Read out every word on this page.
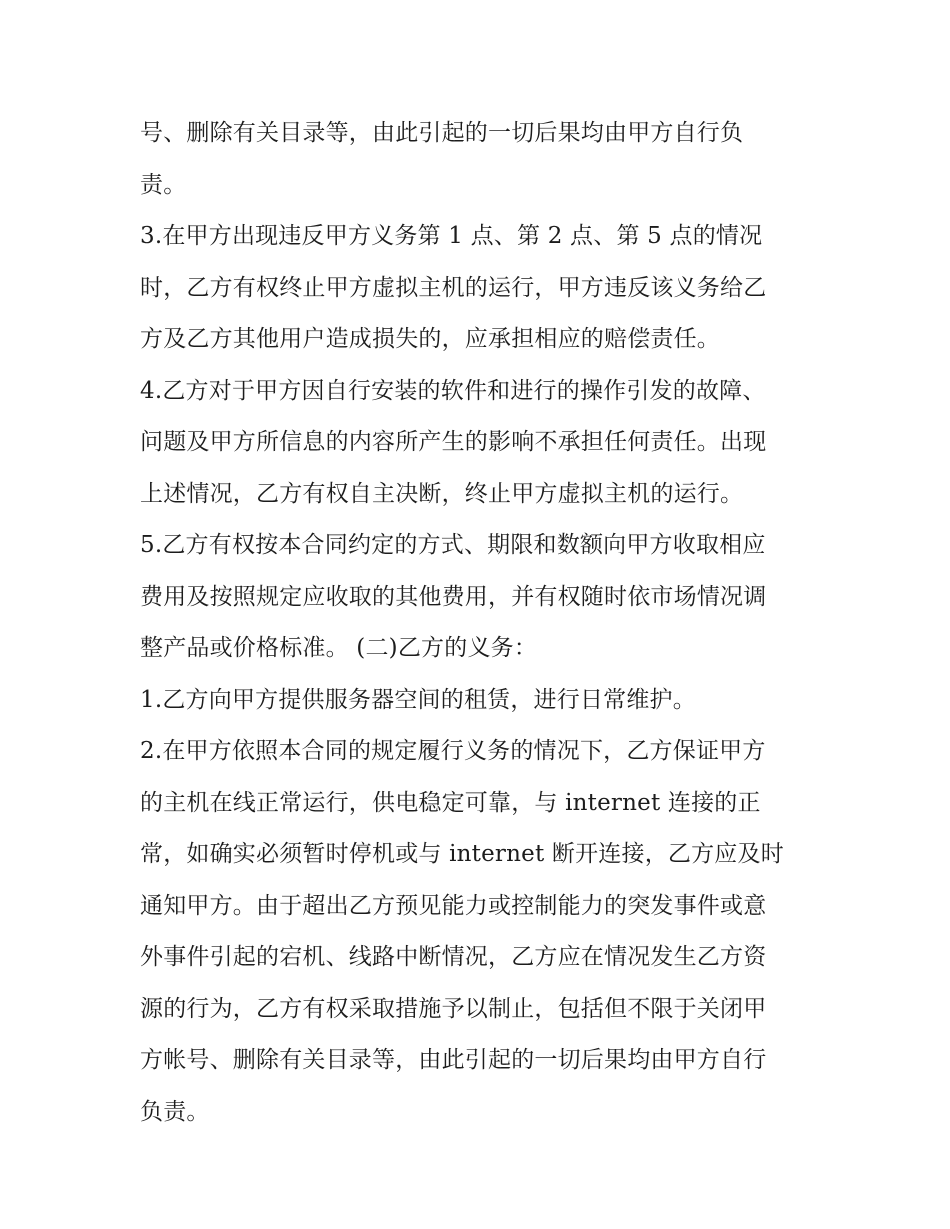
号、删除有关目录等，由此引起的一切后果均由甲方自行负
责。
3.在甲方出现违反甲方义务第 1 点、第 2 点、第 5 点的情况
时，乙方有权终止甲方虚拟主机的运行，甲方违反该义务给乙
方及乙方其他用户造成损失的，应承担相应的赔偿责任。
4.乙方对于甲方因自行安装的软件和进行的操作引发的故障、
问题及甲方所信息的内容所产生的影响不承担任何责任。出现
上述情况，乙方有权自主决断，终止甲方虚拟主机的运行。
5.乙方有权按本合同约定的方式、期限和数额向甲方收取相应
费用及按照规定应收取的其他费用，并有权随时依市场情况调
整产品或价格标准。 (二)乙方的义务：
1.乙方向甲方提供服务器空间的租赁，进行日常维护。
2.在甲方依照本合同的规定履行义务的情况下，乙方保证甲方
的主机在线正常运行，供电稳定可靠，与 internet 连接的正
常，如确实必须暂时停机或与 internet 断开连接，乙方应及时
通知甲方。由于超出乙方预见能力或控制能力的突发事件或意
外事件引起的宕机、线路中断情况，乙方应在情况发生乙方资
源的行为，乙方有权采取措施予以制止，包括但不限于关闭甲
方帐号、删除有关目录等，由此引起的一切后果均由甲方自行
负责。
